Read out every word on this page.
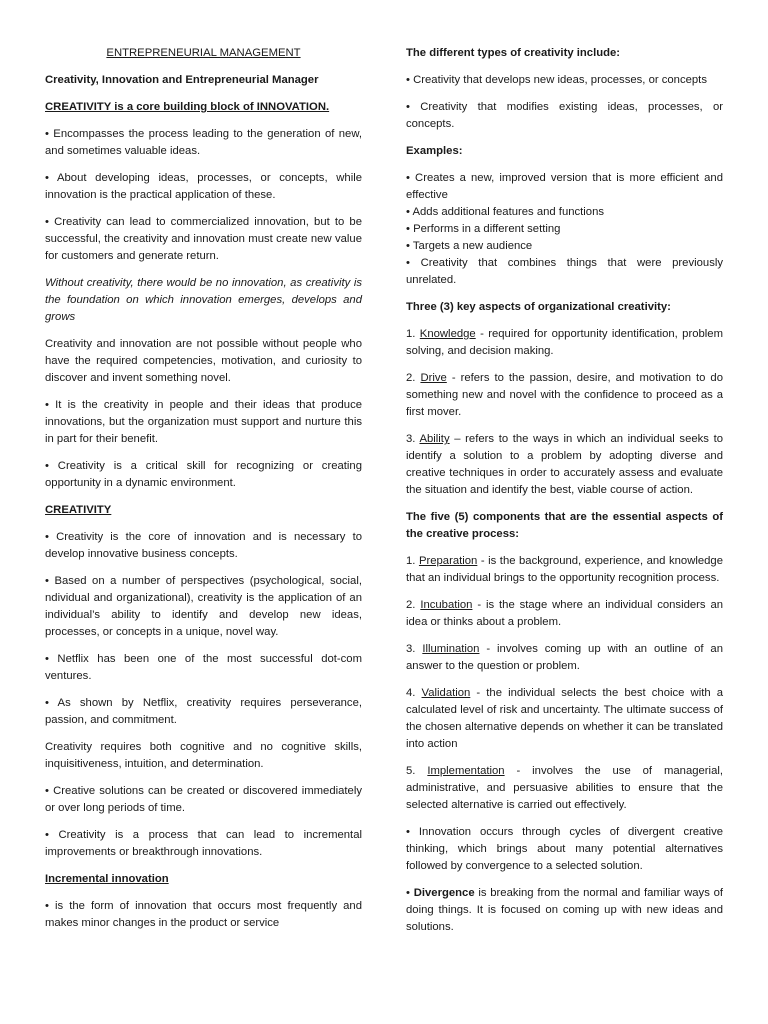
ENTREPRENEURIAL MANAGEMENT

Creativity, Innovation and Entrepreneurial Manager

CREATIVITY is a core building block of INNOVATION.

• Encompasses the process leading to the generation of new, and sometimes valuable ideas.

• About developing ideas, processes, or concepts, while innovation is the practical application of these.

• Creativity can lead to commercialized innovation, but to be successful, the creativity and innovation must create new value for customers and generate return.

Without creativity, there would be no innovation, as creativity is the foundation on which innovation emerges, develops and grows

Creativity and innovation are not possible without people who have the required competencies, motivation, and curiosity to discover and invent something novel.

• It is the creativity in people and their ideas that produce innovations, but the organization must support and nurture this in part for their benefit.

• Creativity is a critical skill for recognizing or creating opportunity in a dynamic environment.

CREATIVITY

• Creativity is the core of innovation and is necessary to develop innovative business concepts.

• Based on a number of perspectives (psychological, social, ndividual and organizational), creativity is the application of an individual’s ability to identify and develop new ideas, processes, or concepts in a unique, novel way.

• Netflix has been one of the most successful dot-com ventures.

• As shown by Netflix, creativity requires perseverance, passion, and commitment.

Creativity requires both cognitive and no cognitive skills, inquisitiveness, intuition, and determination.

• Creative solutions can be created or discovered immediately or over long periods of time.

• Creativity is a process that can lead to incremental improvements or breakthrough innovations.

Incremental innovation

• is the form of innovation that occurs most frequently and makes minor changes in the product or service

The different types of creativity include:

• Creativity that develops new ideas, processes, or concepts

• Creativity that modifies existing ideas, processes, or concepts.

Examples:

• Creates a new, improved version that is more efficient and effective

• Adds additional features and functions

• Performs in a different setting

• Targets a new audience

• Creativity that combines things that were previously unrelated.

Three (3) key aspects of organizational creativity:

1. Knowledge - required for opportunity identification, problem solving, and decision making.

2. Drive - refers to the passion, desire, and motivation to do something new and novel with the confidence to proceed as a first mover.

3. Ability – refers to the ways in which an individual seeks to identify a solution to a problem by adopting diverse and creative techniques in order to accurately assess and evaluate the situation and identify the best, viable course of action.

The five (5) components that are the essential aspects of the creative process:

1. Preparation - is the background, experience, and knowledge that an individual brings to the opportunity recognition process.

2. Incubation - is the stage where an individual considers an idea or thinks about a problem.

3. Illumination - involves coming up with an outline of an answer to the question or problem.

4. Validation - the individual selects the best choice with a calculated level of risk and uncertainty. The ultimate success of the chosen alternative depends on whether it can be translated into action

5. Implementation - involves the use of managerial, administrative, and persuasive abilities to ensure that the selected alternative is carried out effectively.

• Innovation occurs through cycles of divergent creative thinking, which brings about many potential alternatives followed by convergence to a selected solution.

• Divergence is breaking from the normal and familiar ways of doing things. It is focused on coming up with new ideas and solutions.
